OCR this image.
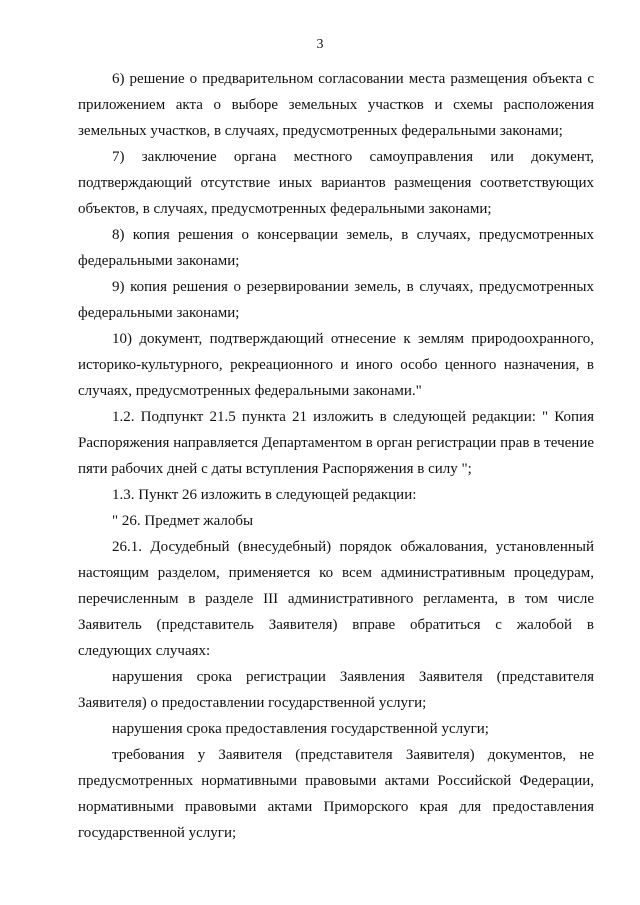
3

6) решение о предварительном согласовании места размещения объекта с приложением акта о выборе земельных участков и схемы расположения земельных участков, в случаях, предусмотренных федеральными законами;

7) заключение органа местного самоуправления или документ, подтверждающий отсутствие иных вариантов размещения соответствующих объектов, в случаях, предусмотренных федеральными законами;

8) копия решения о консервации земель, в случаях, предусмотренных федеральными законами;

9) копия решения о резервировании земель, в случаях, предусмотренных федеральными законами;

10) документ, подтверждающий отнесение к землям природоохранного, историко-культурного, рекреационного и иного особо ценного назначения, в случаях, предусмотренных федеральными законами."

1.2. Подпункт 21.5 пункта 21 изложить в следующей редакции: " Копия Распоряжения направляется Департаментом в орган регистрации прав в течение пяти рабочих дней с даты вступления Распоряжения в силу ";

1.3. Пункт 26 изложить в следующей редакции:

" 26. Предмет жалобы

26.1. Досудебный (внесудебный) порядок обжалования, установленный настоящим разделом, применяется ко всем административным процедурам, перечисленным в разделе III административного регламента, в том числе Заявитель (представитель Заявителя) вправе обратиться с жалобой в следующих случаях:

нарушения срока регистрации Заявления Заявителя (представителя Заявителя) о предоставлении государственной услуги;

нарушения срока предоставления государственной услуги;

требования у Заявителя (представителя Заявителя) документов, не предусмотренных нормативными правовыми актами Российской Федерации, нормативными правовыми актами Приморского края для предоставления государственной услуги;
